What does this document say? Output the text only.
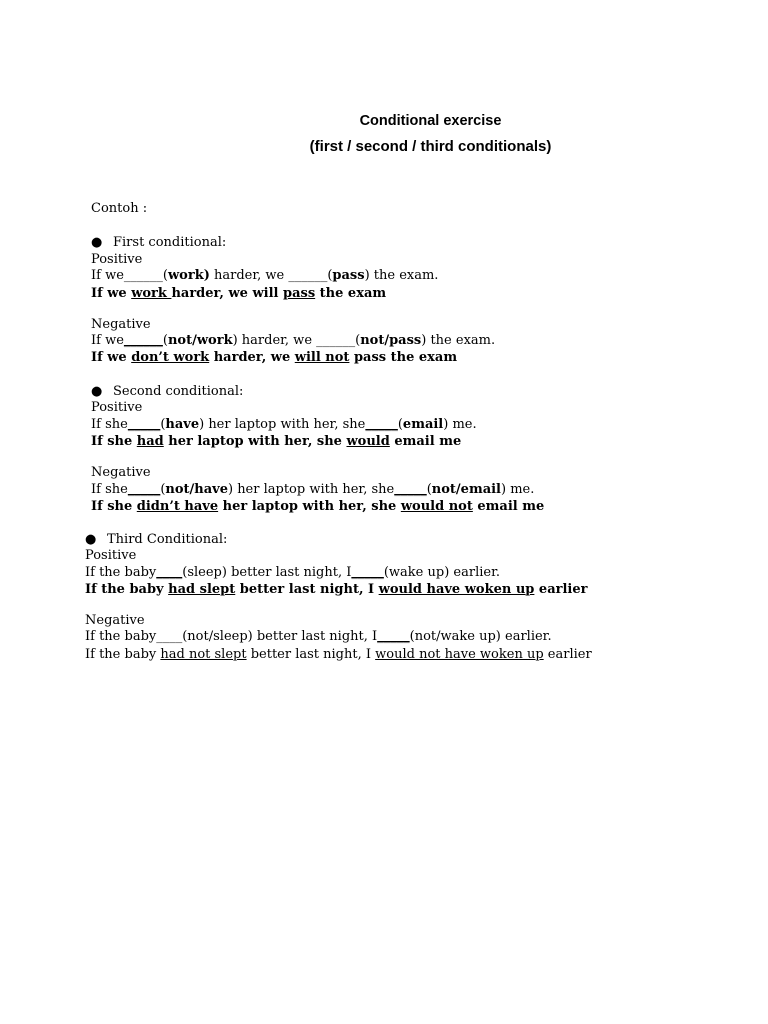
Conditional exercise
(first / second / third conditionals)
Contoh :
● First conditional:
Positive
If we______(work) harder, we ______(pass) the exam.
If we work harder, we will pass the exam
Negative
If we______(not/work) harder, we ______(not/pass) the exam.
If we don’t work harder, we will not pass the exam
● Second conditional:
Positive
If she_____(have) her laptop with her, she_____(email) me.
If she had her laptop with her, she would email me
Negative
If she_____(not/have) her laptop with her, she_____(not/email) me.
If she didn’t have her laptop with her, she would not email me
● Third Conditional:
Positive
If the baby____(sleep) better last night, I_____(wake up) earlier.
If the baby had slept better last night, I would have woken up earlier
Negative
If the baby____(not/sleep) better last night, I_____(not/wake up) earlier.
If the baby had not slept better last night, I would not have woken up earlier
